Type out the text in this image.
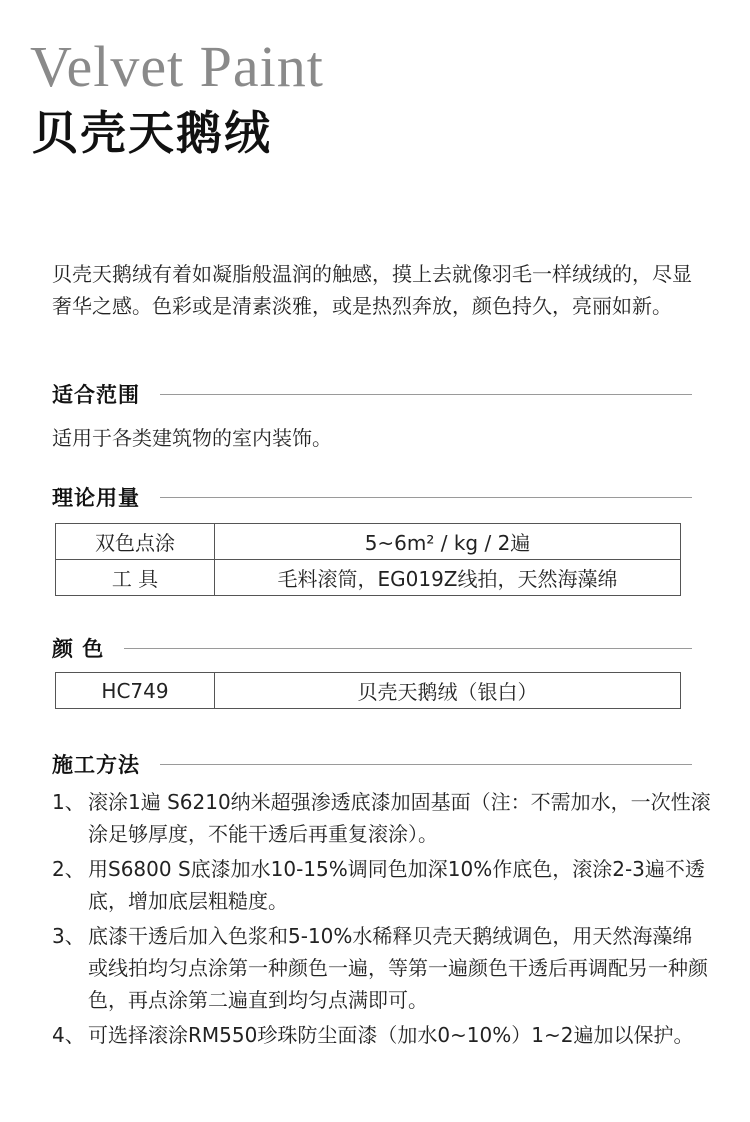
Velvet Paint
贝壳天鹅绒
贝壳天鹅绒有着如凝脂般温润的触感，摸上去就像羽毛一样绒绒的，尽显奢华之感。色彩或是清素淡雅，或是热烈奔放，颜色持久，亮丽如新。
适合范围
适用于各类建筑物的室内装饰。
理论用量
双色点涂	5~6m² / kg / 2遍
工 具	毛料滚筒，EG019Z线拍，天然海藻绵
颜 色
HC749	贝壳天鹅绒（银白）
施工方法
1、 滚涂1遍 S6210纳米超强渗透底漆加固基面（注：不需加水，一次性滚涂足够厚度，不能干透后再重复滚涂）。
2、 用S6800 S底漆加水10-15%调同色加深10%作底色，滚涂2-3遍不透底，增加底层粗糙度。
3、 底漆干透后加入色浆和5-10%水稀释贝壳天鹅绒调色，用天然海藻绵或线拍均匀点涂第一种颜色一遍，等第一遍颜色干透后再调配另一种颜色，再点涂第二遍直到均匀点满即可。
4、 可选择滚涂RM550珍珠防尘面漆（加水0~10%）1~2遍加以保护。
